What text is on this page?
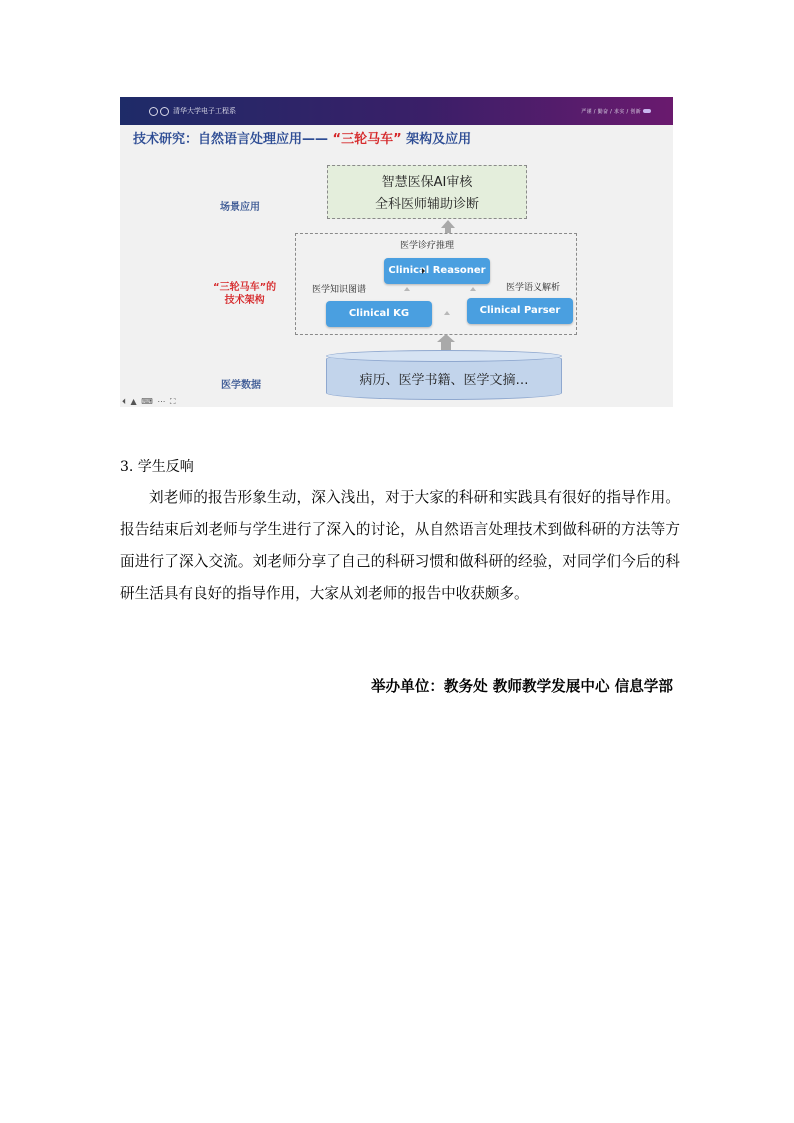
清华大学电子工程系	严谨 / 勤奋 / 求实 / 创新
技术研究：自然语言处理应用—— “三轮马车” 架构及应用
场景应用
“三轮马车”的
技术架构
医学数据
智慧医保AI审核
全科医师辅助诊断
医学诊疗推理
Clinical Reasoner
医学知识图谱
Clinical KG
医学语义解析
Clinical Parser
病历、医学书籍、医学文摘…
⏴ ▲ ⌨ ⋯ ⛶
3. 学生反响

刘老师的报告形象生动，深入浅出，对于大家的科研和实践具有很好的指导作用。报告结束后刘老师与学生进行了深入的讨论，从自然语言处理技术到做科研的方法等方面进行了深入交流。刘老师分享了自己的科研习惯和做科研的经验，对同学们今后的科研生活具有良好的指导作用，大家从刘老师的报告中收获颇多。

举办单位：教务处 教师教学发展中心 信息学部
